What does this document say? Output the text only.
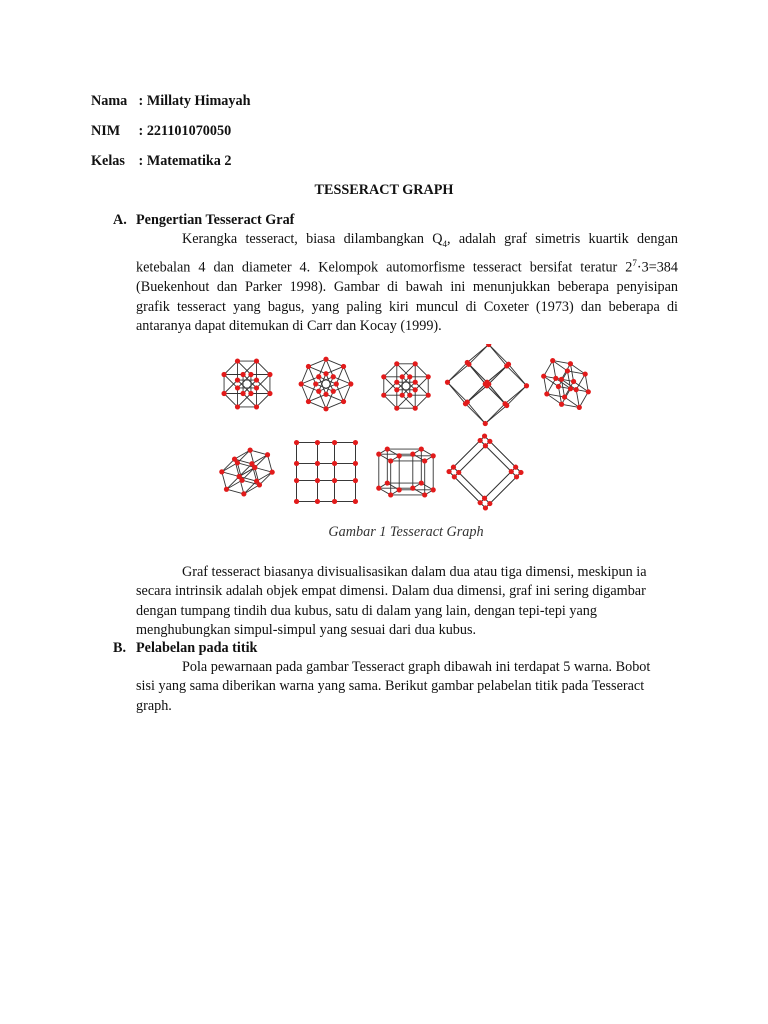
Nama : Millaty Himayah
NIM : 221101070050
Kelas : Matematika 2
TESSERACT GRAPH
A. Pengertian Tesseract Graf
Kerangka tesseract, biasa dilambangkan $Q_4$, adalah graf simetris kuartik dengan
ketebalan 4 dan diameter 4. Kelompok automorfisme tesseract bersifat teratur $2^7\cdot 3=384$
(Buekenhout dan Parker 1998). Gambar di bawah ini menunjukkan beberapa penyisipan
grafik tesseract yang bagus, yang paling kiri muncul di Coxeter (1973) dan beberapa di
antaranya dapat ditemukan di Carr dan Kocay (1999).
Gambar 1 Tesseract Graph
Graf tesseract biasanya divisualisasikan dalam dua atau tiga dimensi, meskipun ia
secara intrinsik adalah objek empat dimensi. Dalam dua dimensi, graf ini sering digambar
dengan tumpang tindih dua kubus, satu di dalam yang lain, dengan tepi-tepi yang
menghubungkan simpul-simpul yang sesuai dari dua kubus.
B. Pelabelan pada titik
Pola pewarnaan pada gambar Tesseract graph dibawah ini terdapat 5 warna. Bobot
sisi yang sama diberikan warna yang sama. Berikut gambar pelabelan titik pada Tesseract
graph.
